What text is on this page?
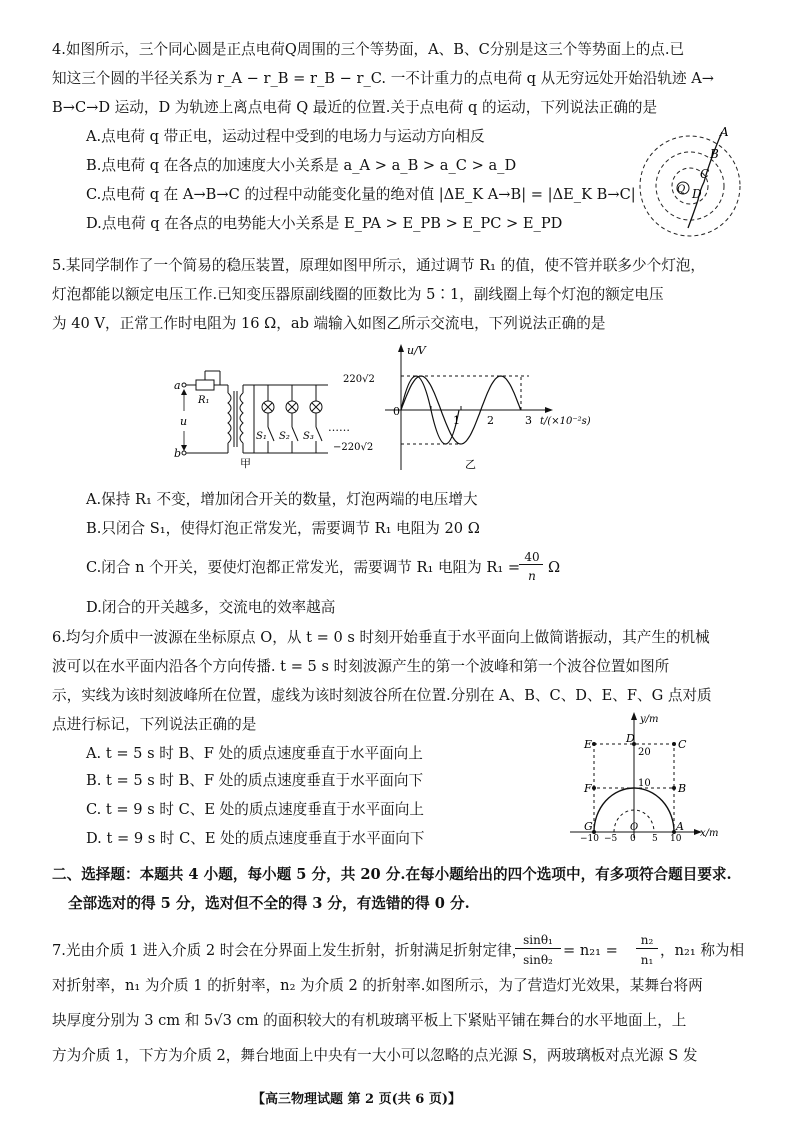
4.如图所示，三个同心圆是正点电荷Q周围的三个等势面，A、B、C分别是这三个等势面上的点.已
知这三个圆的半径关系为 r_A − r_B = r_B − r_C. 一不计重力的点电荷 q 从无穷远处开始沿轨迹 A→
B→C→D 运动，D 为轨迹上离点电荷 Q 最近的位置.关于点电荷 q 的运动，下列说法正确的是
A.点电荷 q 带正电，运动过程中受到的电场力与运动方向相反
B.点电荷 q 在各点的加速度大小关系是 a_A > a_B > a_C > a_D
C.点电荷 q 在 A→B→C 的过程中动能变化量的绝对值 |ΔE_K A→B| = |ΔE_K B→C|
D.点电荷 q 在各点的电势能大小关系是 E_PA > E_PB > E_PC > E_PD
A
B
C
D
Q
5.某同学制作了一个简易的稳压装置，原理如图甲所示，通过调节 R₁ 的值，使不管并联多少个灯泡，
灯泡都能以额定电压工作.已知变压器原副线圈的匝数比为 5∶1，副线圈上每个灯泡的额定电压
为 40 V，正常工作时电阻为 16 Ω，ab 端输入如图乙所示交流电，下列说法正确的是
a
b
u
R₁
S₁ S₂ S₃
……
甲
u/V
220√2
−220√2
0
1 2	3 t/(×10⁻²s)
乙
A.保持 R₁ 不变，增加闭合开关的数量，灯泡两端的电压增大
B.只闭合 S₁，使得灯泡正常发光，需要调节 R₁ 电阻为 20 Ω
C.闭合 n 个开关，要使灯泡都正常发光，需要调节 R₁ 电阻为 R₁ =
40
n Ω
D.闭合的开关越多，交流电的效率越高
6.均匀介质中一波源在坐标原点 O，从 t = 0 s 时刻开始垂直于水平面向上做简谐振动，其产生的机械
波可以在水平面内沿各个方向传播. t = 5 s 时刻波源产生的第一个波峰和第一个波谷位置如图所
示，实线为该时刻波峰所在位置，虚线为该时刻波谷所在位置.分别在 A、B、C、D、E、F、G 点对质
点进行标记，下列说法正确的是
A. t = 5 s 时 B、F 处的质点速度垂直于水平面向上
B. t = 5 s 时 B、F 处的质点速度垂直于水平面向下
C. t = 9 s 时 C、E 处的质点速度垂直于水平面向上
D. t = 9 s 时 C、E 处的质点速度垂直于水平面向下
y/m
x/m
E	D	C
F	B
G	A
O
20
10
−10 −5 0 5 10
二、选择题：本题共 4 小题，每小题 5 分，共 20 分.在每小题给出的四个选项中，有多项符合题目要求.
全部选对的得 5 分，选对但不全的得 3 分，有选错的得 0 分.
7.光由介质 1 进入介质 2 时会在分界面上发生折射，折射满足折射定律，
sinθ₁
sinθ₂
= n₂₁ =
n₂
n₁
，n₂₁ 称为相
对折射率，n₁ 为介质 1 的折射率，n₂ 为介质 2 的折射率.如图所示，为了营造灯光效果，某舞台将两
块厚度分别为 3 cm 和 5√3 cm 的面积较大的有机玻璃平板上下紧贴平铺在舞台的水平地面上，上
方为介质 1，下方为介质 2，舞台地面上中央有一大小可以忽略的点光源 S，两玻璃板对点光源 S 发
【高三物理试题 第 2 页(共 6 页)】
